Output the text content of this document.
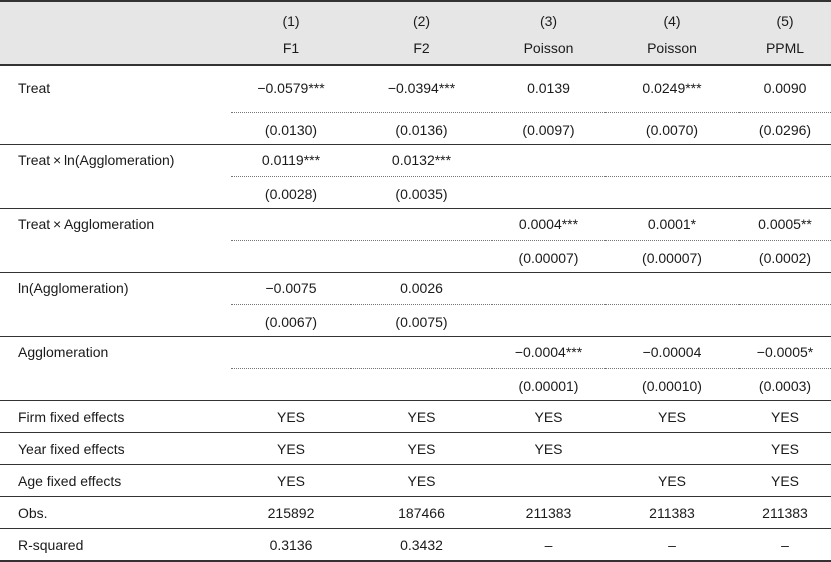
	(1)	(2)	(3)	(4)	(5)
	F1	F2	Poisson	Poisson	PPML
Treat	−0.0579***	−0.0394***	0.0139	0.0249***	0.0090
	(0.0130)	(0.0136)	(0.0097)	(0.0070)	(0.0296)
Treat × ln(Agglomeration)	0.0119***	0.0132***			
	(0.0028)	(0.0035)			
Treat × Agglomeration			0.0004***	0.0001*	0.0005**
			(0.00007)	(0.00007)	(0.0002)
ln(Agglomeration)	−0.0075	0.0026			
	(0.0067)	(0.0075)			
Agglomeration			−0.0004***	−0.00004	−0.0005*
			(0.00001)	(0.00010)	(0.0003)
Firm fixed effects	YES	YES	YES	YES	YES
Year fixed effects	YES	YES	YES		YES
Age fixed effects	YES	YES		YES	YES
Obs.	215892	187466	211383	211383	211383
R-squared	0.3136	0.3432	–	–	–
